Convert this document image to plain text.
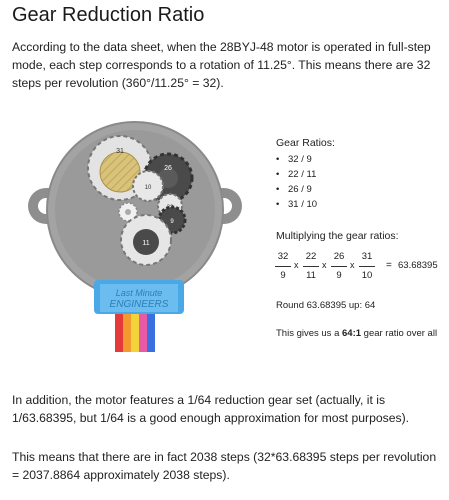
Gear Reduction Ratio

According to the data sheet, when the 28BYJ-48 motor is operated in full-step mode, each step corresponds to a rotation of 11.25°. This means there are 32 steps per revolution (360°/11.25° = 32).

31
26
10
9
11
Last Minute
ENGINEERS
Gear Ratios:
• 32 / 9
• 22 / 11
• 26 / 9
• 31 / 10
Multiplying the gear ratios:
32
9
x
22
11
x
26
9
x
31
10
= 63.68395
Round 63.68395 up: 64
This gives us a 64:1 gear ratio over all

In addition, the motor features a 1/64 reduction gear set (actually, it is 1/63.68395, but 1/64 is a good enough approximation for most purposes).

This means that there are in fact 2038 steps (32*63.68395 steps per revolution = 2037.8864 approximately 2038 steps).
